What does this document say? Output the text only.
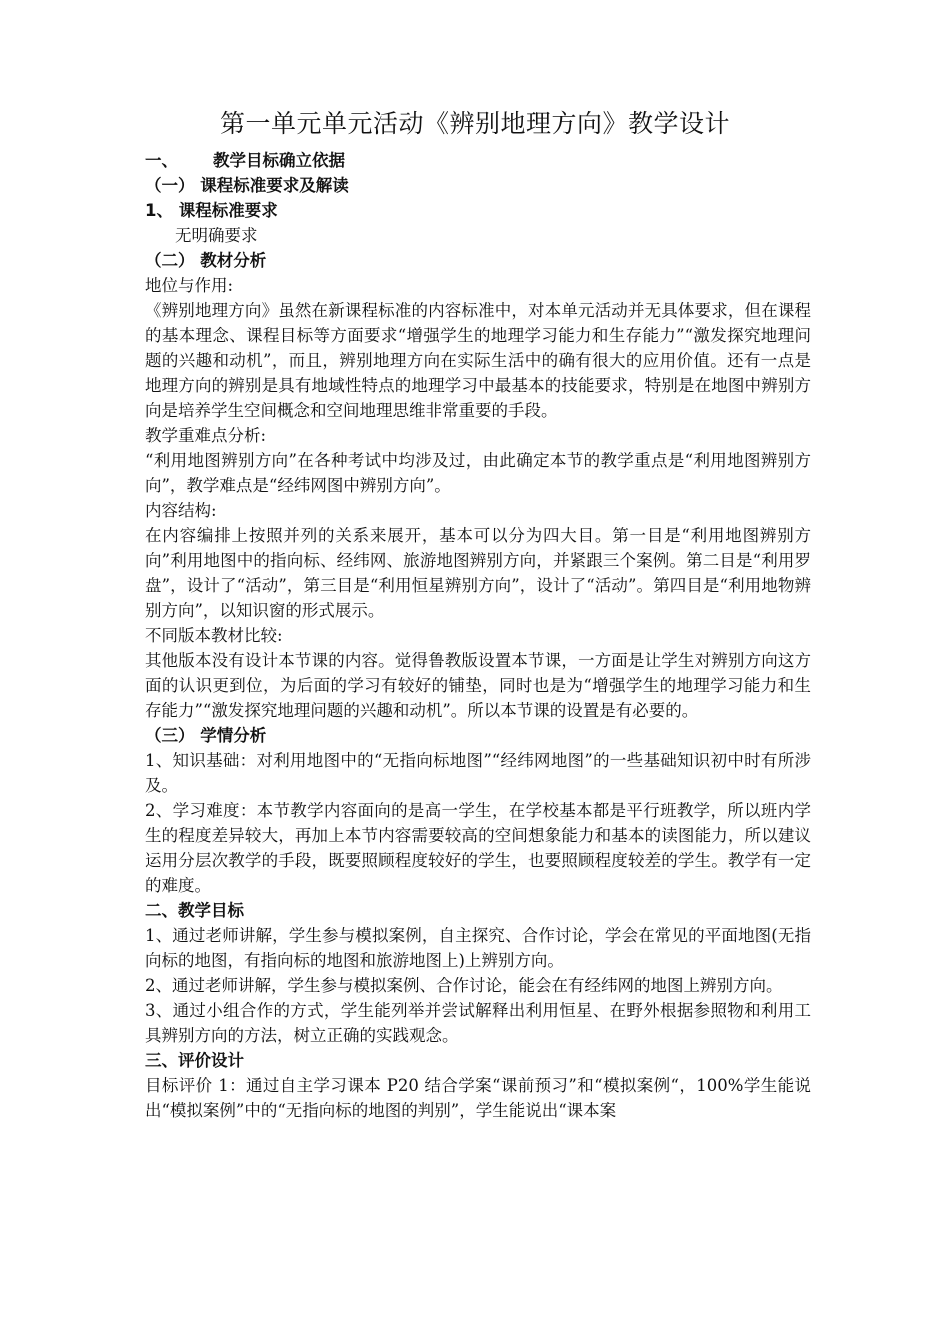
第一单元单元活动《辨别地理方向》教学设计
一、 教学目标确立依据
（一） 课程标准要求及解读
1、 课程标准要求
无明确要求
（二） 教材分析
地位与作用:

《辨别地理方向》虽然在新课程标准的内容标准中，对本单元活动并无具体要求，但在课程的基本理念、课程目标等方面要求“增强学生的地理学习能力和生存能力”“激发探究地理问题的兴趣和动机”，而且，辨别地理方向在实际生活中的确有很大的应用价值。还有一点是地理方向的辨别是具有地域性特点的地理学习中最基本的技能要求，特别是在地图中辨别方向是培养学生空间概念和空间地理思维非常重要的手段。

教学重难点分析:

“利用地图辨别方向”在各种考试中均涉及过，由此确定本节的教学重点是“利用地图辨别方向”，教学难点是“经纬网图中辨别方向”。

内容结构:

在内容编排上按照并列的关系来展开，基本可以分为四大目。第一目是“利用地图辨别方向”利用地图中的指向标、经纬网、旅游地图辨别方向，并紧跟三个案例。第二目是“利用罗盘”，设计了“活动”，第三目是“利用恒星辨别方向”，设计了“活动”。第四目是“利用地物辨别方向”，以知识窗的形式展示。

不同版本教材比较:

其他版本没有设计本节课的内容。觉得鲁教版设置本节课，一方面是让学生对辨别方向这方面的认识更到位，为后面的学习有较好的铺垫，同时也是为“增强学生的地理学习能力和生存能力”“激发探究地理问题的兴趣和动机”。所以本节课的设置是有必要的。

（三） 学情分析

1、知识基础：对利用地图中的“无指向标地图”“经纬网地图”的一些基础知识初中时有所涉及。

2、学习难度：本节教学内容面向的是高一学生，在学校基本都是平行班教学，所以班内学生的程度差异较大，再加上本节内容需要较高的空间想象能力和基本的读图能力，所以建议运用分层次教学的手段，既要照顾程度较好的学生，也要照顾程度较差的学生。教学有一定的难度。

二、教学目标

1、通过老师讲解，学生参与模拟案例，自主探究、合作讨论，学会在常见的平面地图(无指向标的地图，有指向标的地图和旅游地图上)上辨别方向。

2、通过老师讲解，学生参与模拟案例、合作讨论，能会在有经纬网的地图上辨别方向。

3、通过小组合作的方式，学生能列举并尝试解释出利用恒星、在野外根据参照物和利用工具辨别方向的方法，树立正确的实践观念。

三、评价设计

目标评价 1：通过自主学习课本 P20 结合学案“课前预习”和“模拟案例“，100%学生能说出“模拟案例”中的“无指向标的地图的判别”，学生能说出“课本案
